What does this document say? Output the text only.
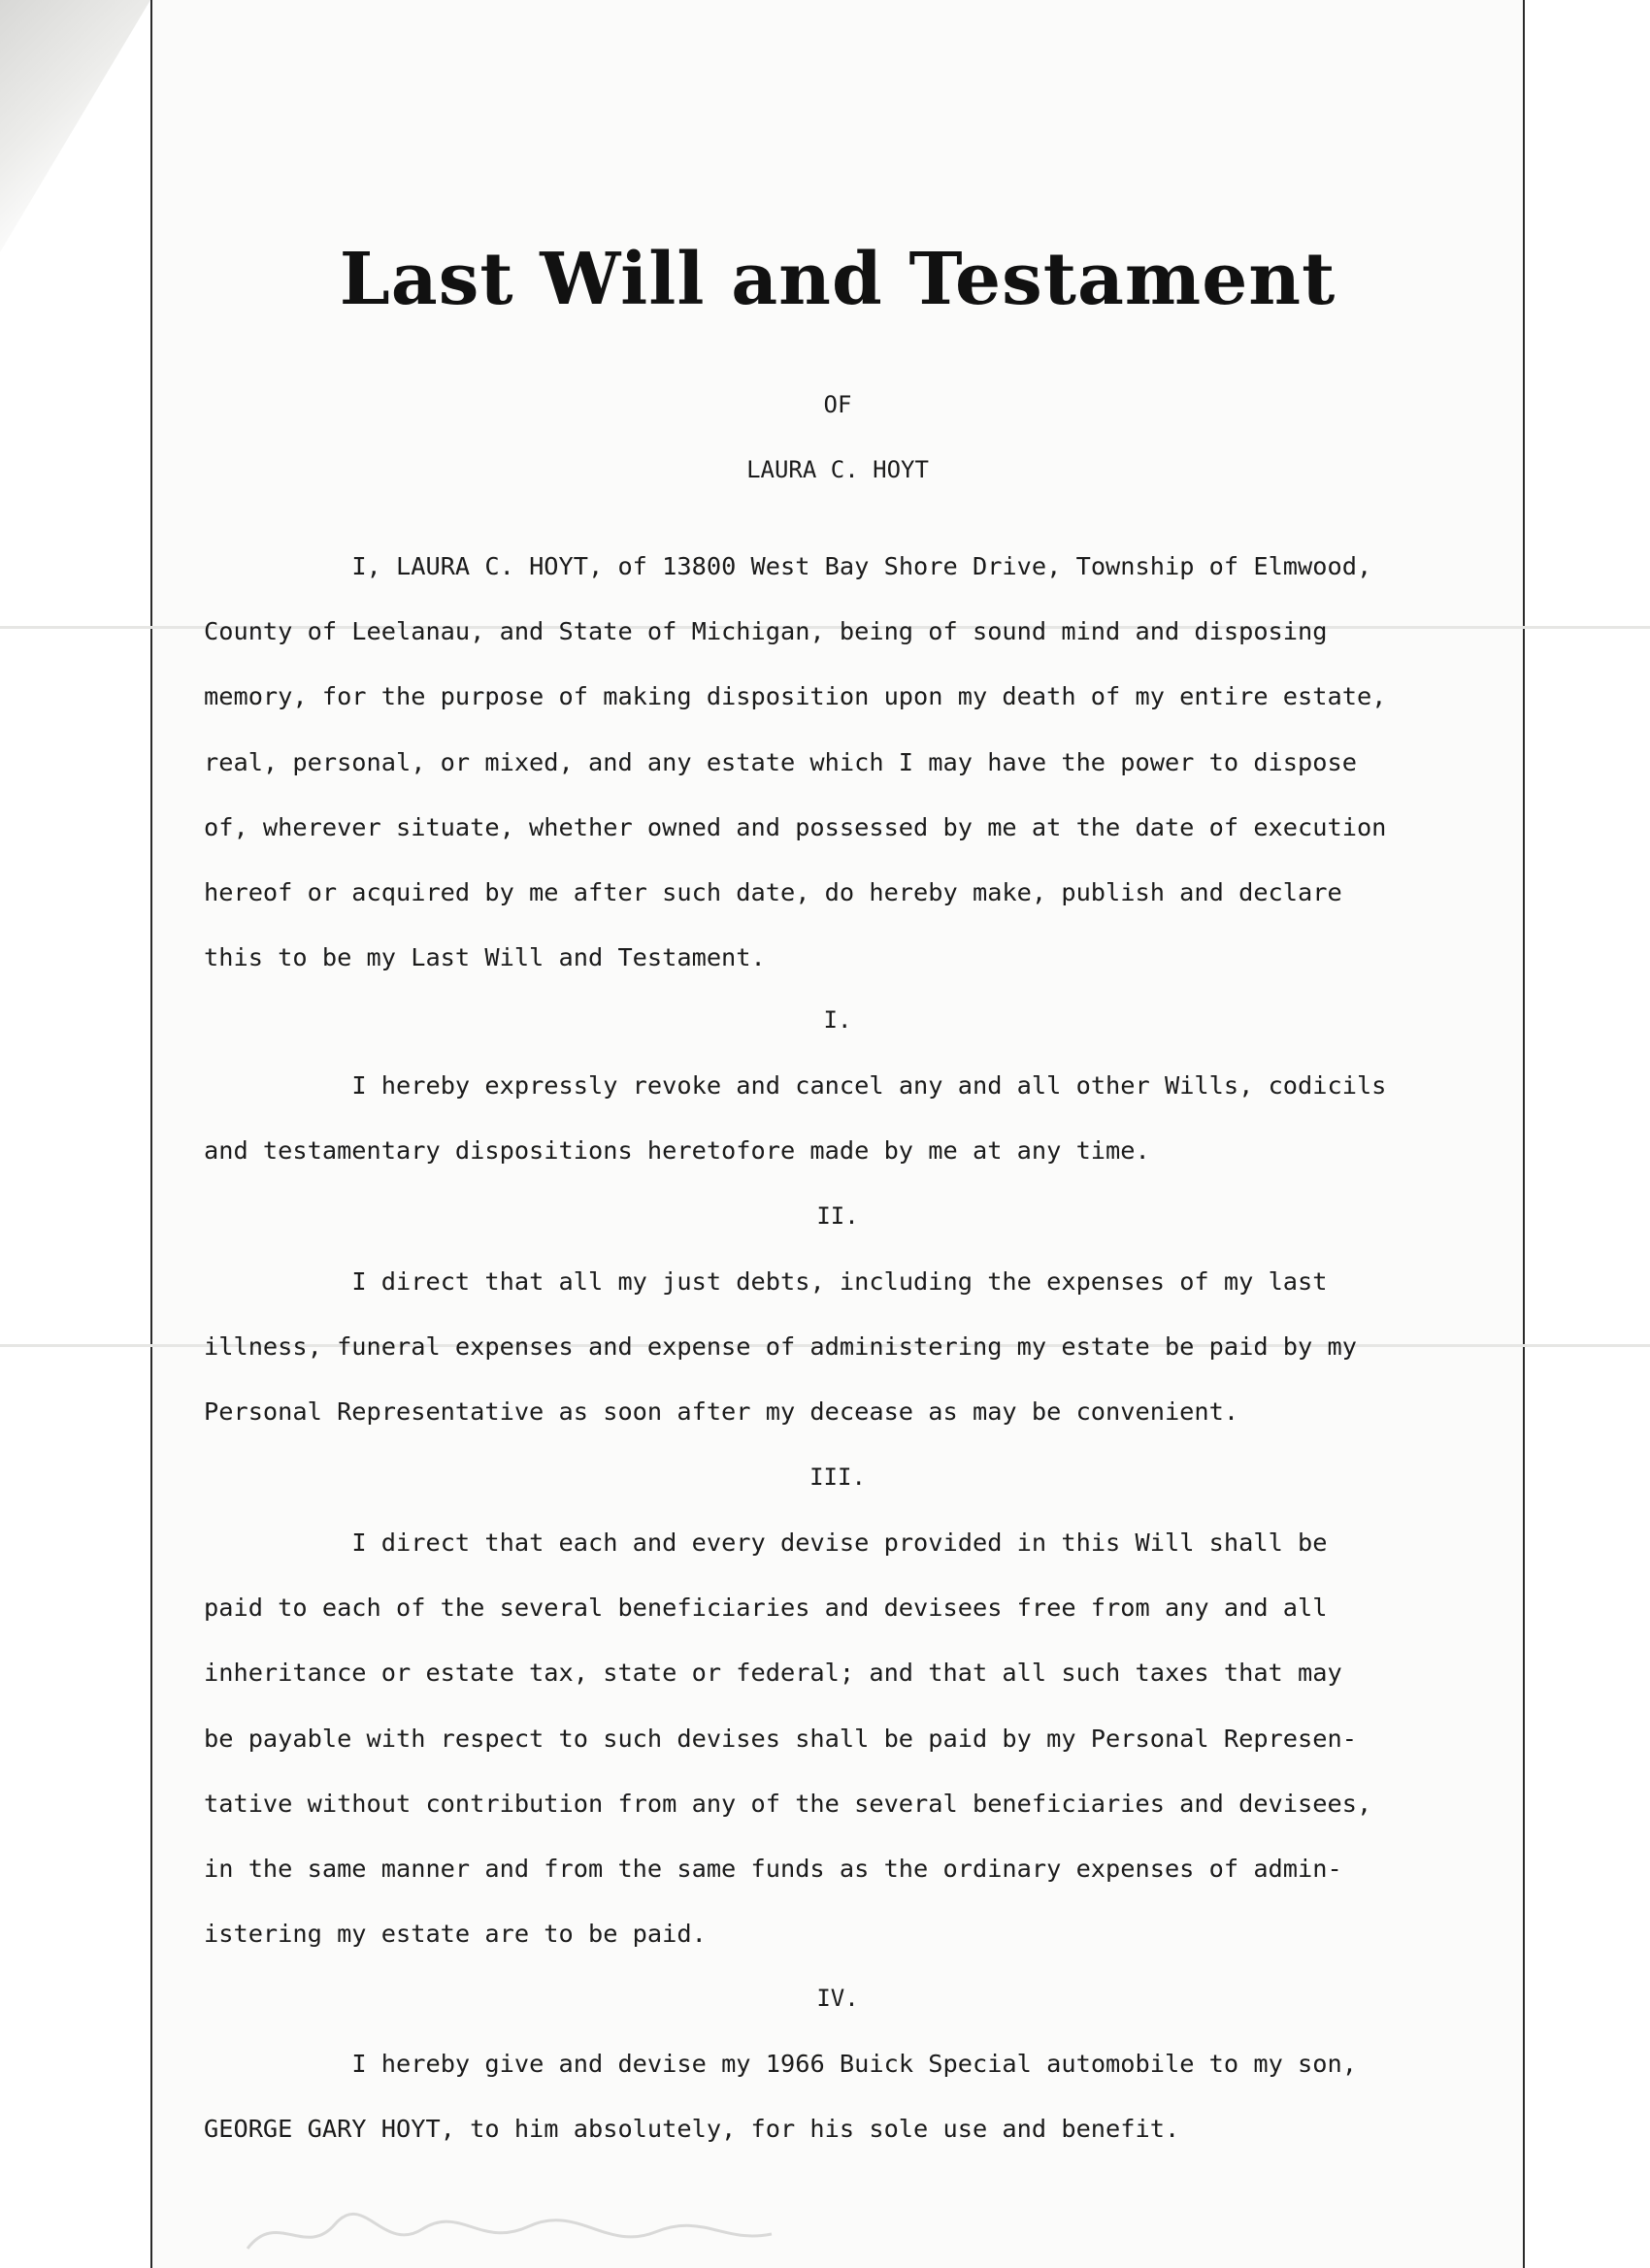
Last Will and Testament
OF
LAURA C. HOYT
I, LAURA C. HOYT, of 13800 West Bay Shore Drive, Township of Elmwood,
County of Leelanau, and State of Michigan, being of sound mind and disposing
memory, for the purpose of making disposition upon my death of my entire estate,
real, personal, or mixed, and any estate which I may have the power to dispose
of, wherever situate, whether owned and possessed by me at the date of execution
hereof or acquired by me after such date, do hereby make, publish and declare
this to be my Last Will and Testament.
I.
I hereby expressly revoke and cancel any and all other Wills, codicils
and testamentary dispositions heretofore made by me at any time.
II.
I direct that all my just debts, including the expenses of my last
illness, funeral expenses and expense of administering my estate be paid by my
Personal Representative as soon after my decease as may be convenient.
III.
I direct that each and every devise provided in this Will shall be
paid to each of the several beneficiaries and devisees free from any and all
inheritance or estate tax, state or federal; and that all such taxes that may
be payable with respect to such devises shall be paid by my Personal Represen-
tative without contribution from any of the several beneficiaries and devisees,
in the same manner and from the same funds as the ordinary expenses of admin-
istering my estate are to be paid.
IV.
I hereby give and devise my 1966 Buick Special automobile to my son,
GEORGE GARY HOYT, to him absolutely, for his sole use and benefit.
